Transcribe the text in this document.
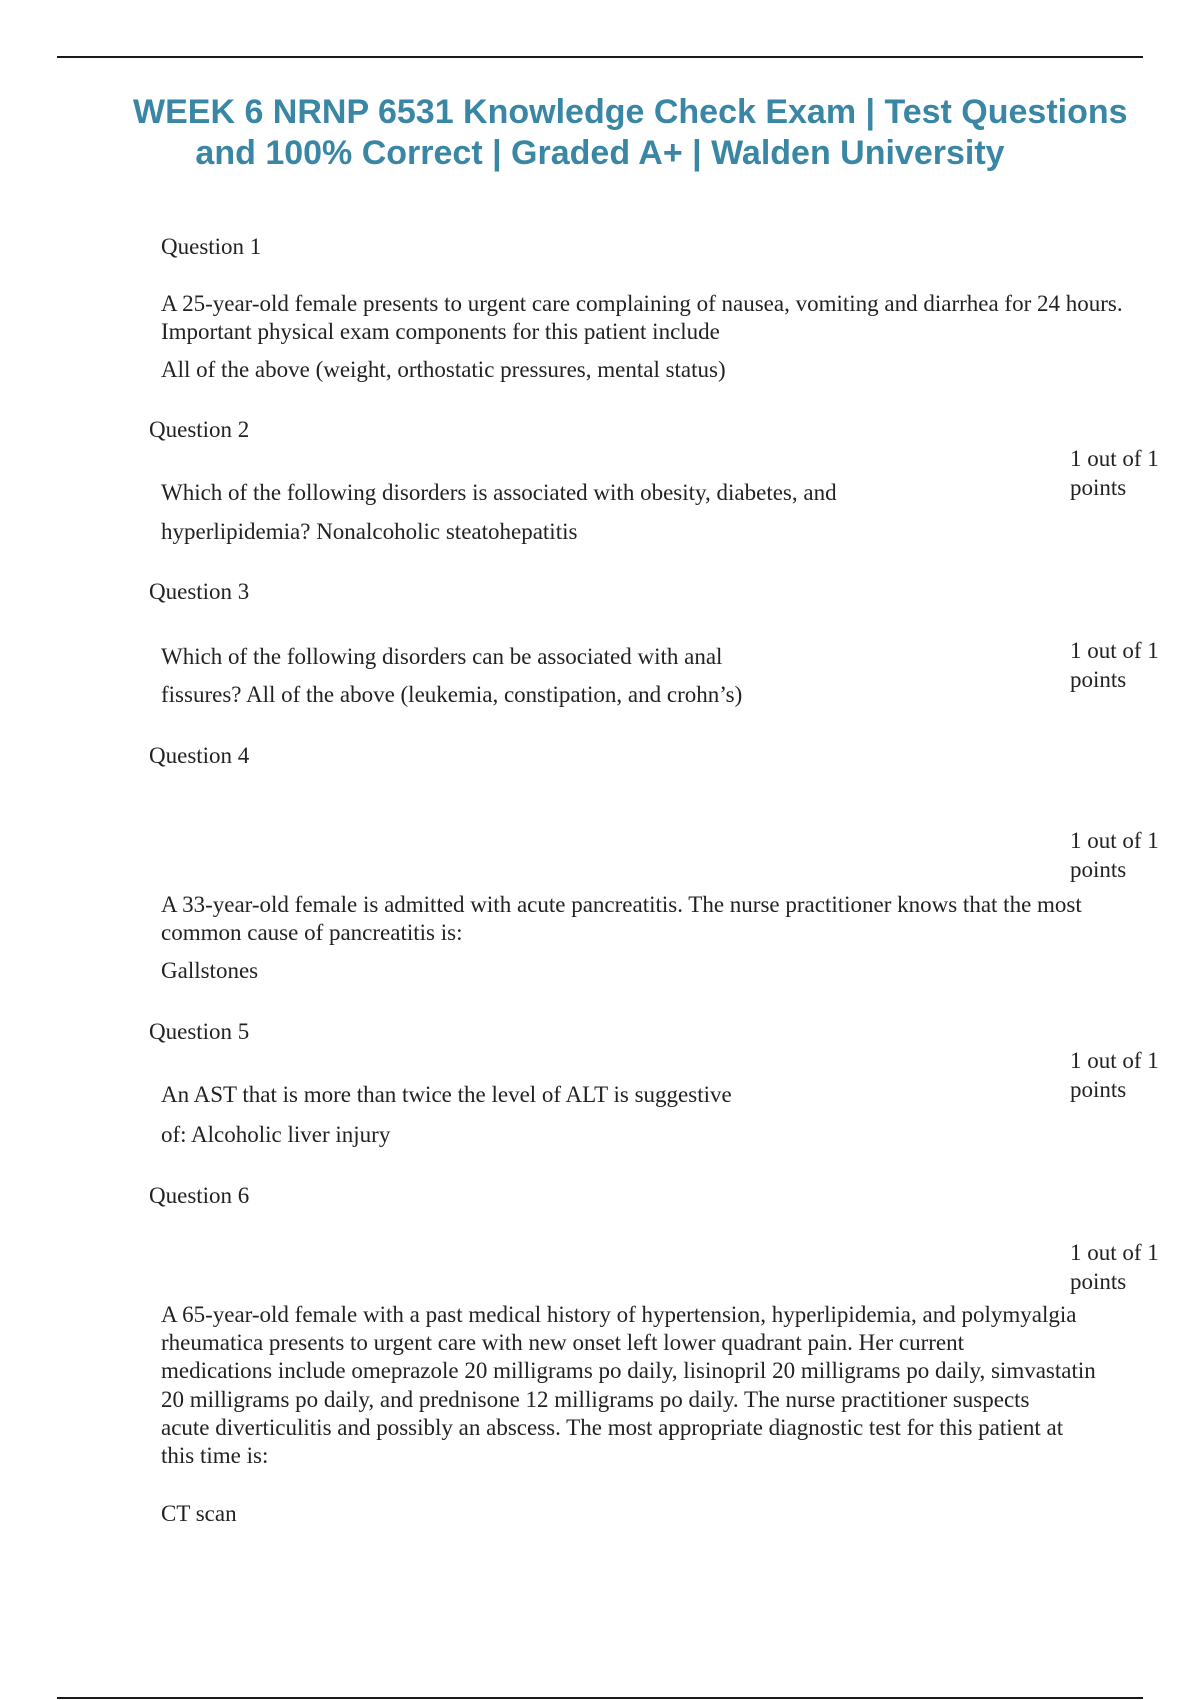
WEEK 6 NRNP 6531 Knowledge Check Exam | Test Questions
and 100% Correct | Graded A+ | Walden University
Question 1
A 25-year-old female presents to urgent care complaining of nausea, vomiting and diarrhea for 24 hours.
Important physical exam components for this patient include
All of the above (weight, orthostatic pressures, mental status)
Question 2
1 out of 1
points
Which of the following disorders is associated with obesity, diabetes, and
hyperlipidemia? Nonalcoholic steatohepatitis
Question 3
1 out of 1
points
Which of the following disorders can be associated with anal
fissures? All of the above (leukemia, constipation, and crohn’s)
Question 4
1 out of 1
points
A 33-year-old female is admitted with acute pancreatitis. The nurse practitioner knows that the most
common cause of pancreatitis is:
Gallstones
Question 5
1 out of 1
points
An AST that is more than twice the level of ALT is suggestive
of: Alcoholic liver injury
Question 6
1 out of 1
points
A 65-year-old female with a past medical history of hypertension, hyperlipidemia, and polymyalgia
rheumatica presents to urgent care with new onset left lower quadrant pain. Her current
medications include omeprazole 20 milligrams po daily, lisinopril 20 milligrams po daily, simvastatin
20 milligrams po daily, and prednisone 12 milligrams po daily. The nurse practitioner suspects
acute diverticulitis and possibly an abscess. The most appropriate diagnostic test for this patient at
this time is:
CT scan
